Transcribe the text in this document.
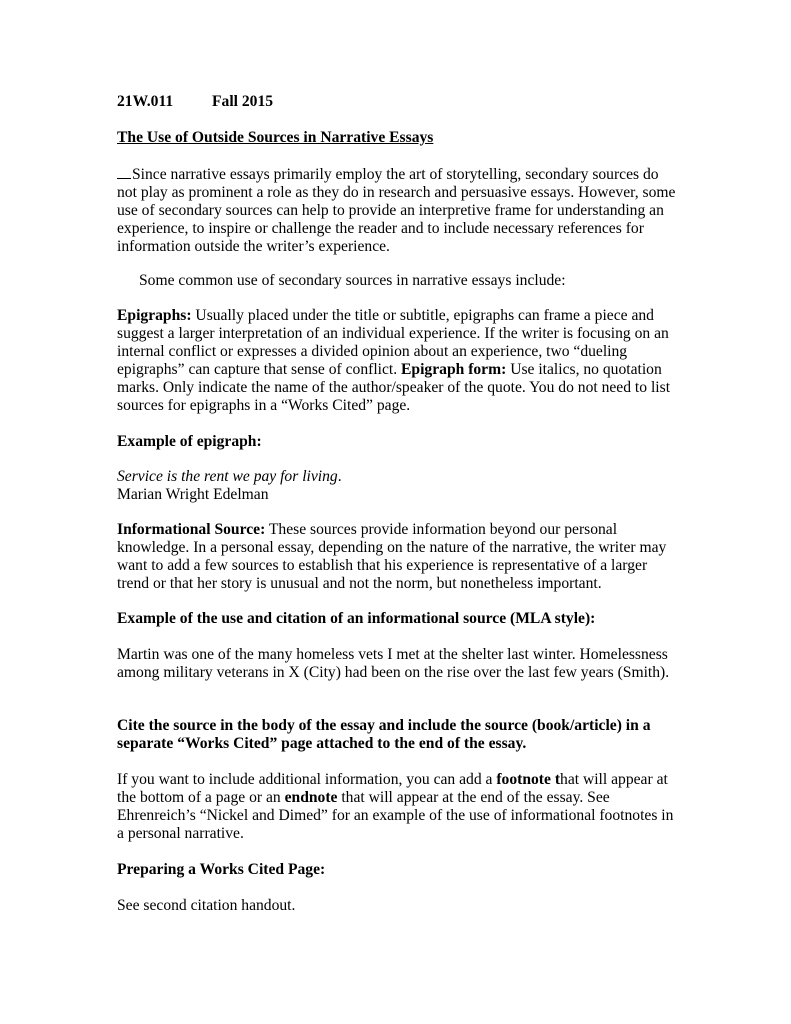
21W.011 Fall 2015
The Use of Outside Sources in Narrative Essays

Since narrative essays primarily employ the art of storytelling, secondary sources do not play as prominent a role as they do in research and persuasive essays. However, some use of secondary sources can help to provide an interpretive frame for understanding an experience, to inspire or challenge the reader and to include necessary references for information outside the writer’s experience.

Some common use of secondary sources in narrative essays include:

Epigraphs: Usually placed under the title or subtitle, epigraphs can frame a piece and suggest a larger interpretation of an individual experience. If the writer is focusing on an internal conflict or expresses a divided opinion about an experience, two “dueling epigraphs” can capture that sense of conflict. Epigraph form: Use italics, no quotation marks. Only indicate the name of the author/speaker of the quote. You do not need to list sources for epigraphs in a “Works Cited” page.

Example of epigraph:
Service is the rent we pay for living.
Marian Wright Edelman

Informational Source: These sources provide information beyond our personal knowledge. In a personal essay, depending on the nature of the narrative, the writer may want to add a few sources to establish that his experience is representative of a larger trend or that her story is unusual and not the norm, but nonetheless important.

Example of the use and citation of an informational source (MLA style):

Martin was one of the many homeless vets I met at the shelter last winter. Homelessness among military veterans in X (City) had been on the rise over the last few years (Smith).

Cite the source in the body of the essay and include the source (book/article) in a separate “Works Cited” page attached to the end of the essay.

If you want to include additional information, you can add a footnote that will appear at the bottom of a page or an endnote that will appear at the end of the essay. See Ehrenreich’s “Nickel and Dimed” for an example of the use of informational footnotes in a personal narrative.

Preparing a Works Cited Page:
See second citation handout.
